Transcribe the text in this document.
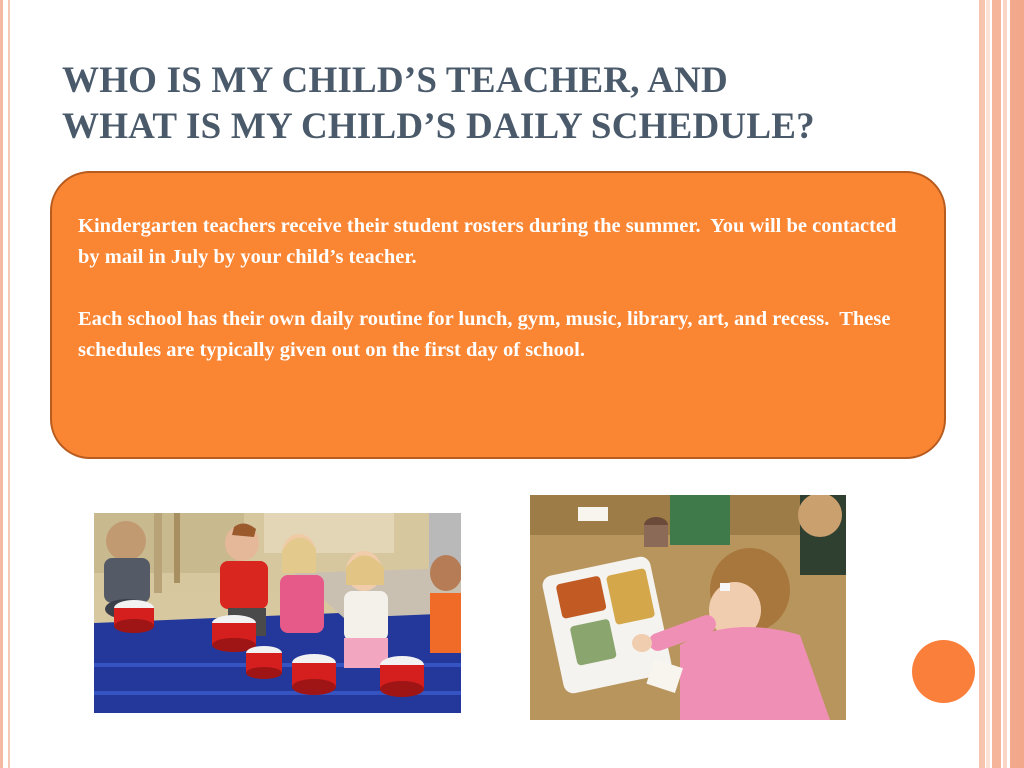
WHO IS MY CHILD’S TEACHER, AND
WHAT IS MY CHILD’S DAILY SCHEDULE?

Kindergarten teachers receive their student rosters during the summer.  You will be contacted by mail in July by your child’s teacher.

Each school has their own daily routine for lunch, gym, music, library, art, and recess.  These schedules are typically given out on the first day of school.
